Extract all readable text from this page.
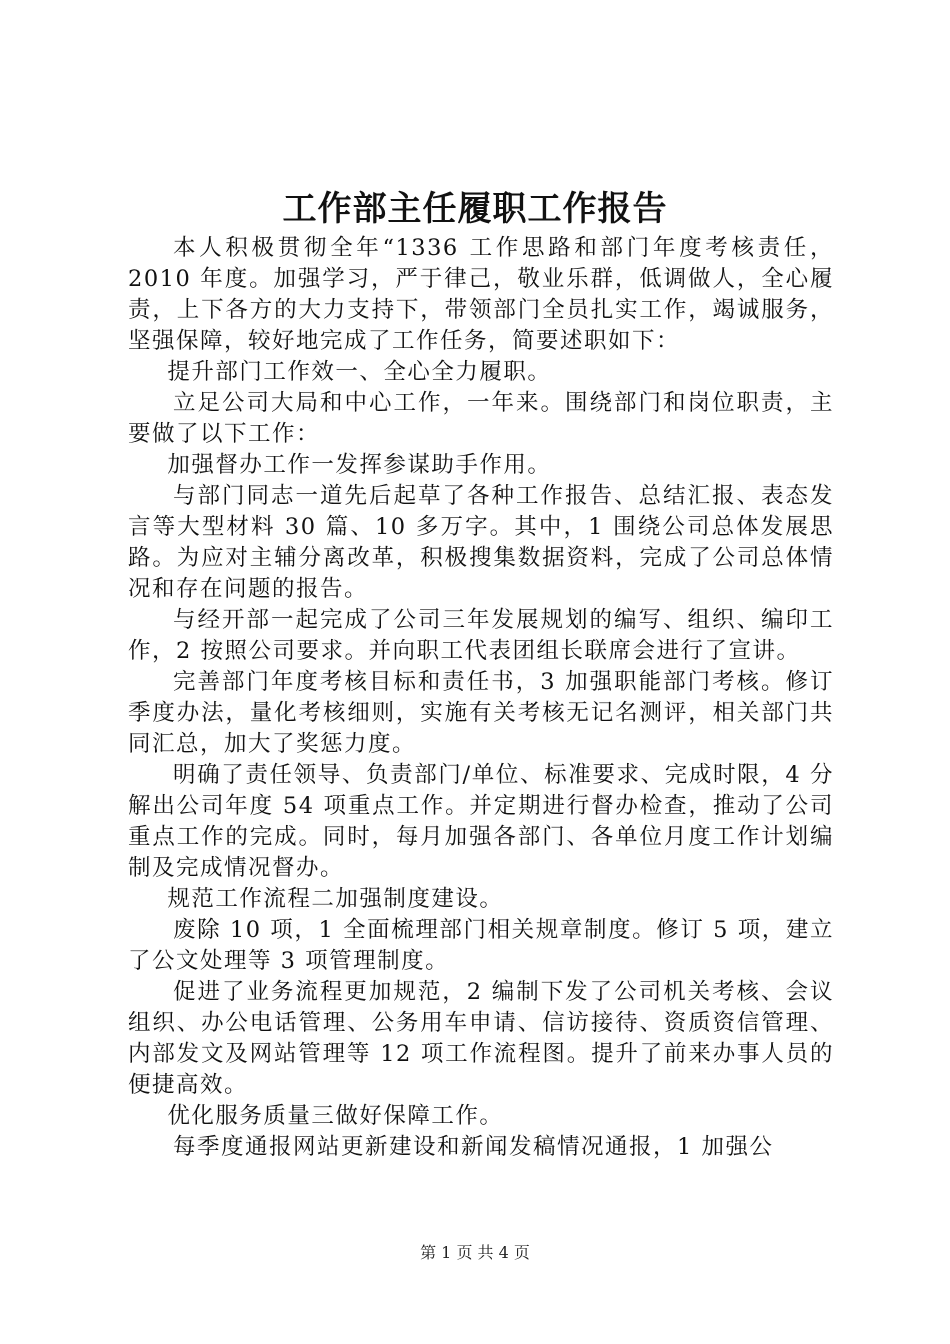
工作部主任履职工作报告

本人积极贯彻全年“1336 工作思路和部门年度考核责任，2010 年度。加强学习，严于律己，敬业乐群，低调做人，全心履责，上下各方的大力支持下，带领部门全员扎实工作，竭诚服务，坚强保障，较好地完成了工作任务，简要述职如下：

提升部门工作效一、全心全力履职。

立足公司大局和中心工作，一年来。围绕部门和岗位职责，主要做了以下工作：

加强督办工作一发挥参谋助手作用。

与部门同志一道先后起草了各种工作报告、总结汇报、表态发言等大型材料 30 篇、10 多万字。其中，1 围绕公司总体发展思路。为应对主辅分离改革，积极搜集数据资料，完成了公司总体情况和存在问题的报告。

与经开部一起完成了公司三年发展规划的编写、组织、编印工作，2 按照公司要求。并向职工代表团组长联席会进行了宣讲。

完善部门年度考核目标和责任书，3 加强职能部门考核。修订季度办法，量化考核细则，实施有关考核无记名测评，相关部门共同汇总，加大了奖惩力度。

明确了责任领导、负责部门/单位、标准要求、完成时限，4 分解出公司年度 54 项重点工作。并定期进行督办检查，推动了公司重点工作的完成。同时，每月加强各部门、各单位月度工作计划编制及完成情况督办。

规范工作流程二加强制度建设。

废除 10 项，1 全面梳理部门相关规章制度。修订 5 项，建立了公文处理等 3 项管理制度。

促进了业务流程更加规范，2 编制下发了公司机关考核、会议组织、办公电话管理、公务用车申请、信访接待、资质资信管理、内部发文及网站管理等 12 项工作流程图。提升了前来办事人员的便捷高效。

优化服务质量三做好保障工作。

每季度通报网站更新建设和新闻发稿情况通报，1 加强公

第 1 页 共 4 页
